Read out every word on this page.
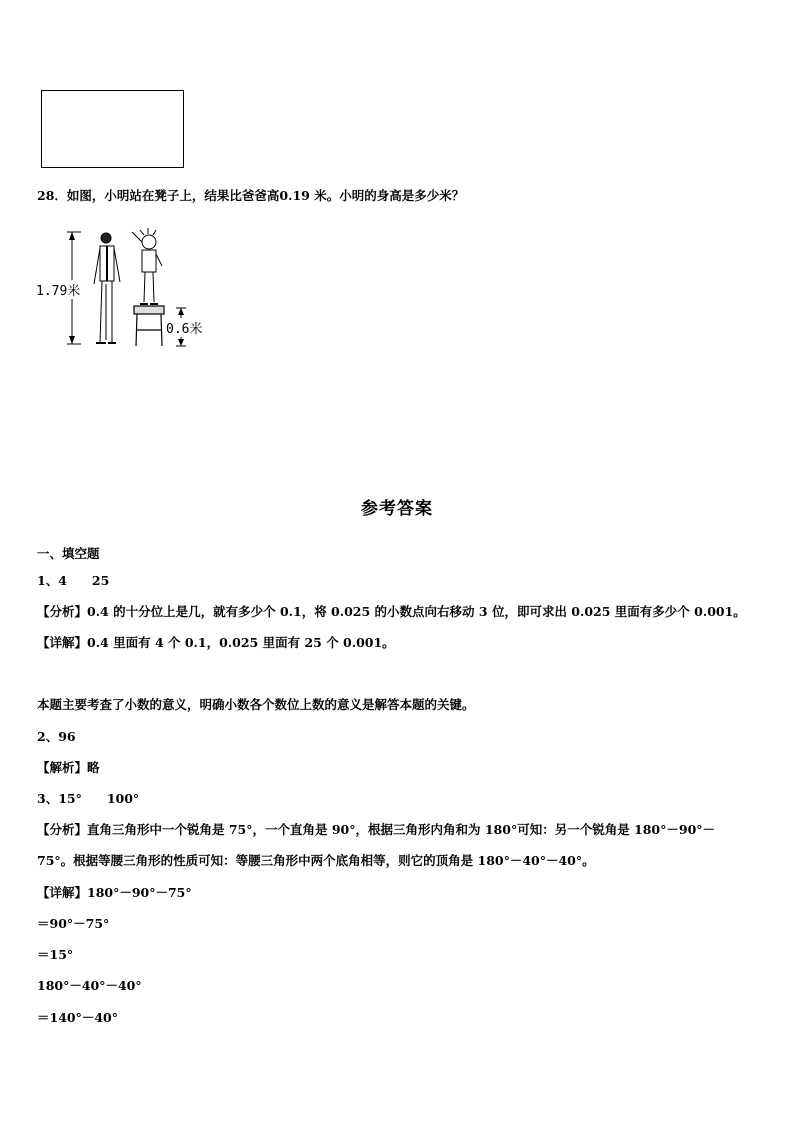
28．如图，小明站在凳子上，结果比爸爸高0.19 米。小明的身高是多少米？
1.79米
0.6米
参考答案
一、填空题
1、4　　25
【分析】0.4 的十分位上是几，就有多少个 0.1，将 0.025 的小数点向右移动 3 位，即可求出 0.025 里面有多少个 0.001。
【详解】0.4 里面有 4 个 0.1，0.025 里面有 25 个 0.001。
本题主要考查了小数的意义，明确小数各个数位上数的意义是解答本题的关键。
2、96
【解析】略
3、15°　　100°
【分析】直角三角形中一个锐角是 75°，一个直角是 90°，根据三角形内角和为 180°可知：另一个锐角是 180°－90°－
75°。根据等腰三角形的性质可知：等腰三角形中两个底角相等，则它的顶角是 180°－40°－40°。
【详解】180°－90°－75°
＝90°－75°
＝15°
180°－40°－40°
＝140°－40°
